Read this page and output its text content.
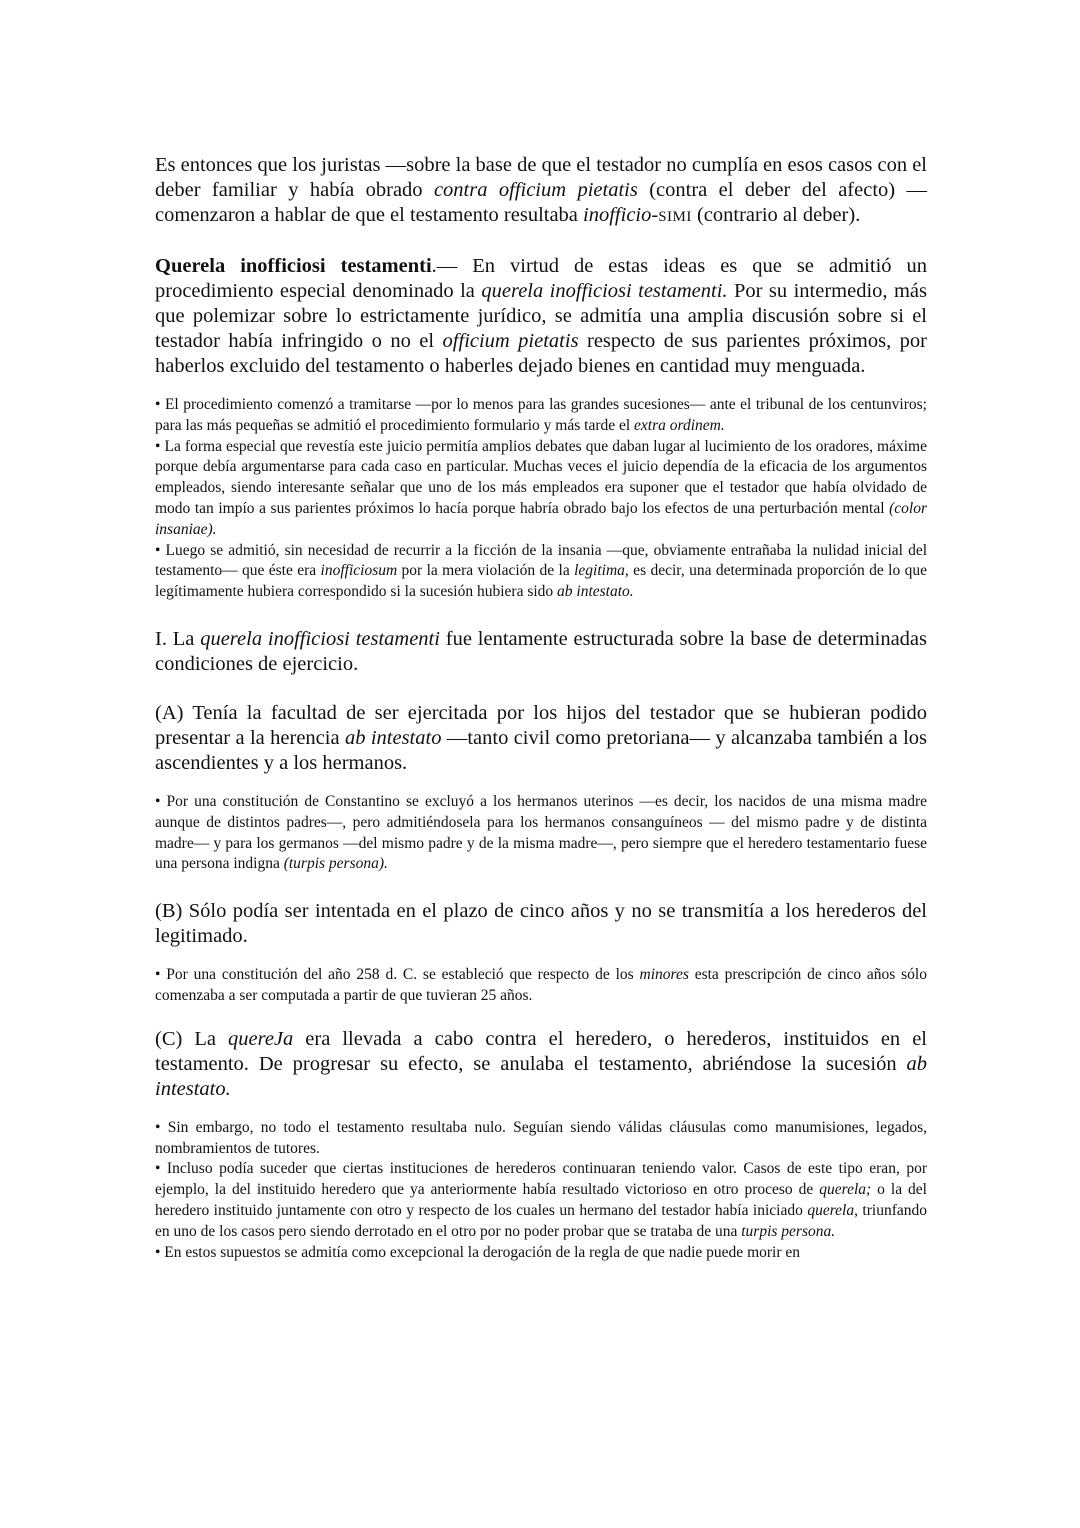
Es entonces que los juristas —sobre la base de que el testador no cumplía en esos casos con el deber familiar y había obrado contra officium pietatis (contra el deber del afecto) — comenzaron a hablar de que el testamento resultaba inofficio-SIMI (contrario al deber).

Querela inofficiosi testamenti.— En virtud de estas ideas es que se admitió un procedimiento especial denominado la querela inofficiosi testamenti. Por su intermedio, más que polemizar sobre lo estrictamente jurídico, se admitía una amplia discusión sobre si el testador había infringido o no el officium pietatis respecto de sus parientes próximos, por haberlos excluido del testamento o haberles dejado bienes en cantidad muy menguada.

• El procedimiento comenzó a tramitarse —por lo menos para las grandes sucesiones— ante el tribunal de los centunviros; para las más pequeñas se admitió el procedimiento formulario y más tarde el extra ordinem.

• La forma especial que revestía este juicio permitía amplios debates que daban lugar al lucimiento de los oradores, máxime porque debía argumentarse para cada caso en particular. Muchas veces el juicio dependía de la eficacia de los argumentos empleados, siendo interesante señalar que uno de los más empleados era suponer que el testador que había olvidado de modo tan impío a sus parientes próximos lo hacía porque habría obrado bajo los efectos de una perturbación mental (color insaniae).

• Luego se admitió, sin necesidad de recurrir a la ficción de la insania —que, obviamente entrañaba la nulidad inicial del testamento— que éste era inofficiosum por la mera violación de la legitima, es decir, una determinada proporción de lo que legítimamente hubiera correspondido si la sucesión hubiera sido ab intestato.

I. La querela inofficiosi testamenti fue lentamente estructurada sobre la base de determinadas condiciones de ejercicio.

(A) Tenía la facultad de ser ejercitada por los hijos del testador que se hubieran podido presentar a la herencia ab intestato —tanto civil como pretoriana— y alcanzaba también a los ascendientes y a los hermanos.

• Por una constitución de Constantino se excluyó a los hermanos uterinos —es decir, los nacidos de una misma madre aunque de distintos padres—, pero admitiéndosela para los hermanos consanguíneos — del mismo padre y de distinta madre— y para los germanos —del mismo padre y de la misma madre—, pero siempre que el heredero testamentario fuese una persona indigna (turpis persona).

(B) Sólo podía ser intentada en el plazo de cinco años y no se transmitía a los herederos del legitimado.

• Por una constitución del año 258 d. C. se estableció que respecto de los minores esta prescripción de cinco años sólo comenzaba a ser computada a partir de que tuvieran 25 años.

(C) La quereJa era llevada a cabo contra el heredero, o herederos, instituidos en el testamento. De progresar su efecto, se anulaba el testamento, abriéndose la sucesión ab intestato.

• Sin embargo, no todo el testamento resultaba nulo. Seguían siendo válidas cláusulas como manumisiones, legados, nombramientos de tutores.

• Incluso podía suceder que ciertas instituciones de herederos continuaran teniendo valor. Casos de este tipo eran, por ejemplo, la del instituido heredero que ya anteriormente había resultado victorioso en otro proceso de querela; o la del heredero instituido juntamente con otro y respecto de los cuales un hermano del testador había iniciado querela, triunfando en uno de los casos pero siendo derrotado en el otro por no poder probar que se trataba de una turpis persona.

• En estos supuestos se admitía como excepcional la derogación de la regla de que nadie puede morir en
